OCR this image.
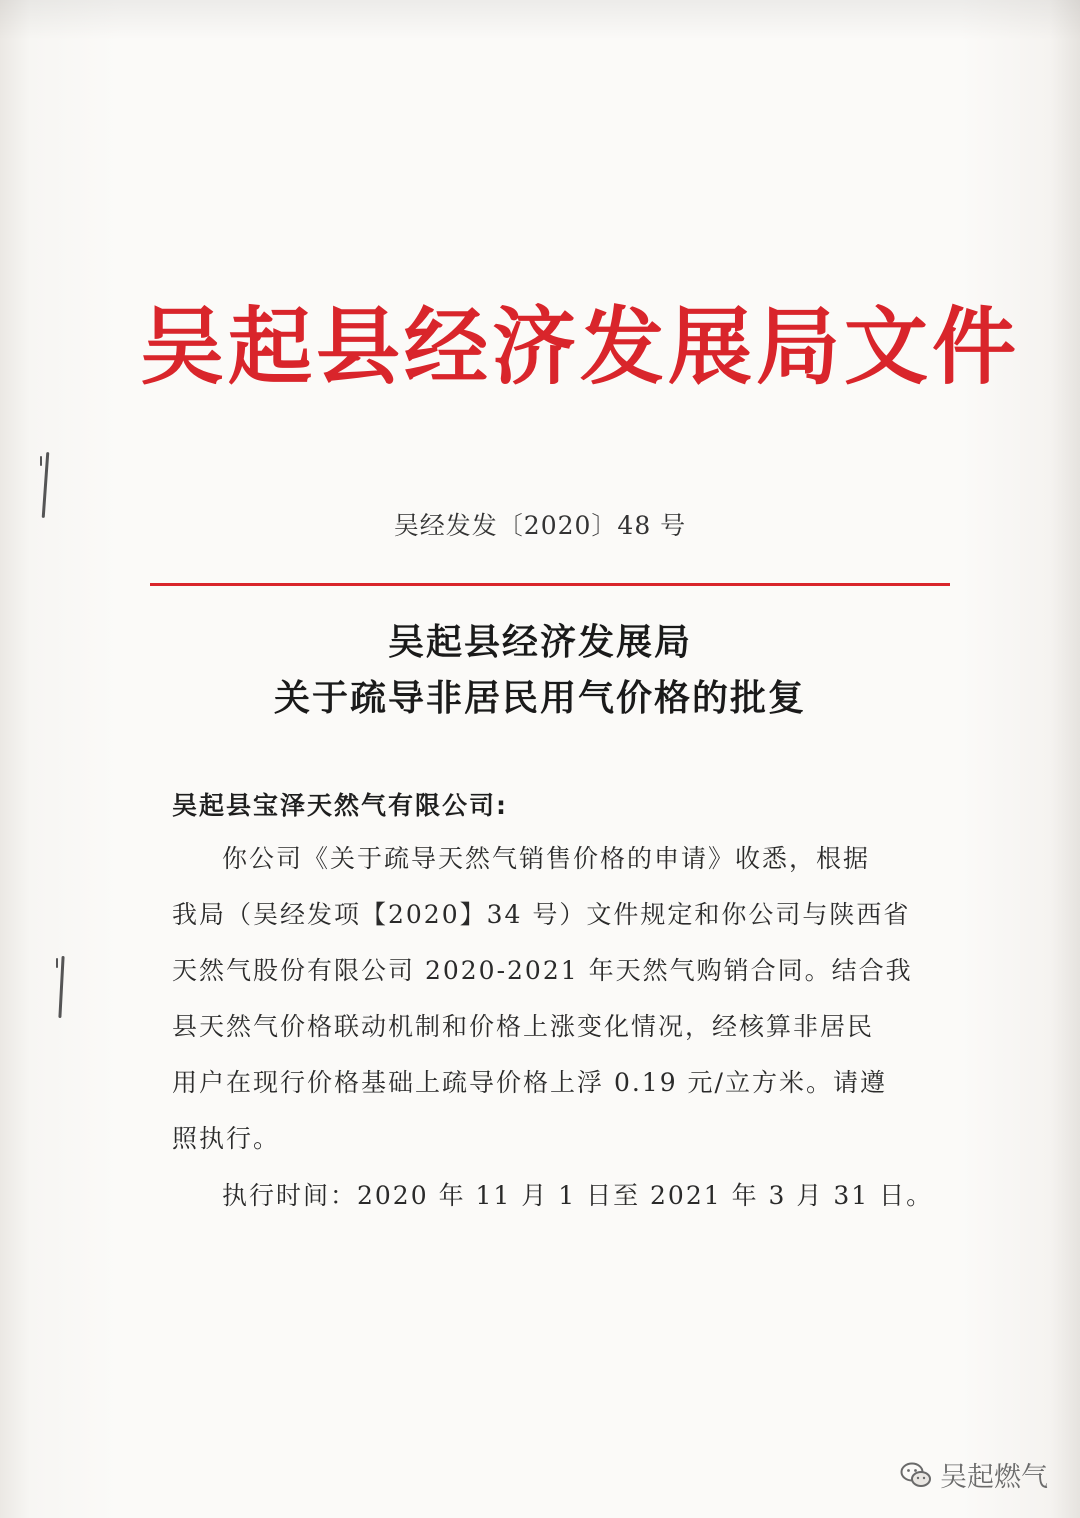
吴起县经济发展局文件
吴经发发〔2020〕48 号
吴起县经济发展局
关于疏导非居民用气价格的批复
吴起县宝泽天然气有限公司:
你公司《关于疏导天然气销售价格的申请》收悉，根据
我局（吴经发项【2020】34 号）文件规定和你公司与陕西省
天然气股份有限公司 2020-2021 年天然气购销合同。结合我
县天然气价格联动机制和价格上涨变化情况，经核算非居民
用户在现行价格基础上疏导价格上浮 0.19 元/立方米。请遵
照执行。
执行时间：2020 年 11 月 1 日至 2021 年 3 月 31 日。
吴起燃气
